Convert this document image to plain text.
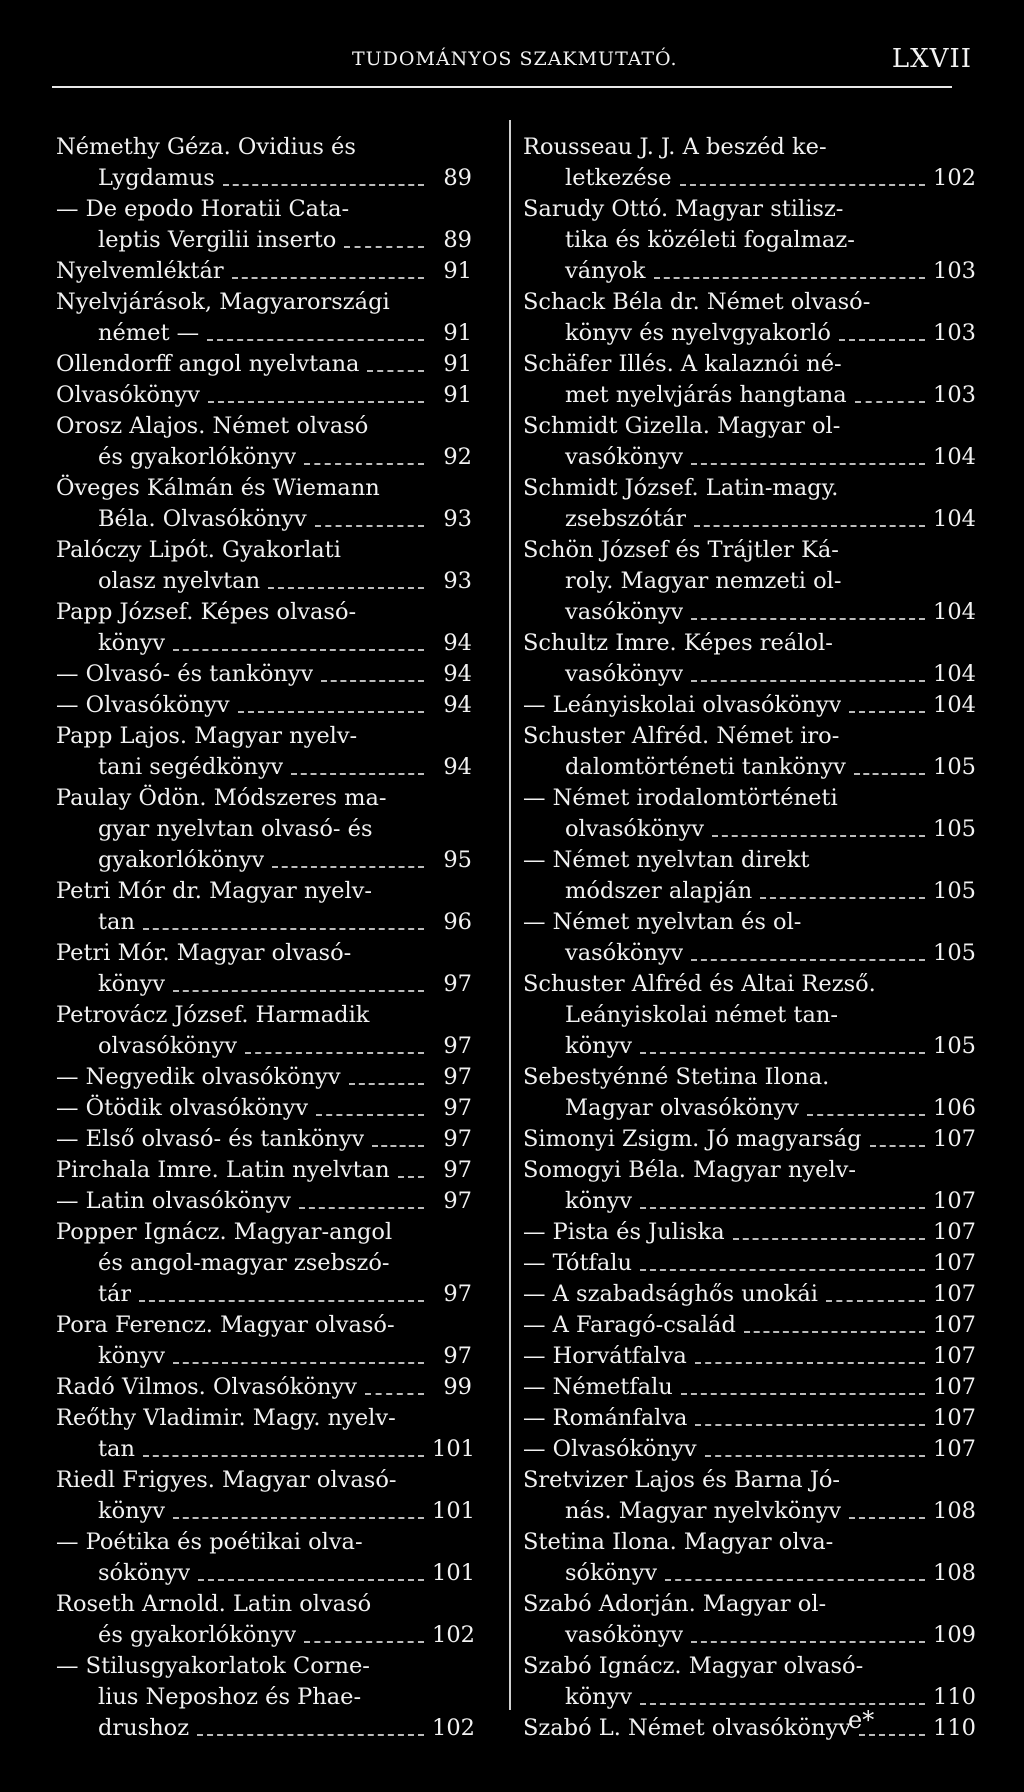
TUDOMÁNYOS SZAKMUTATÓ.	LXVII
Némethy Géza. Ovidius és
Lygdamus	89
— De epodo Horatii Cata-
leptis Vergilii inserto	89
Nyelvemléktár	91
Nyelvjárások, Magyarországi
német —	91
Ollendorff angol nyelvtana	91
Olvasókönyv	91
Orosz Alajos. Német olvasó
és gyakorlókönyv	92
Öveges Kálmán és Wiemann
Béla. Olvasókönyv	93
Palóczy Lipót. Gyakorlati
olasz nyelvtan	93
Papp József. Képes olvasó-
könyv	94
— Olvasó- és tankönyv	94
— Olvasókönyv	94
Papp Lajos. Magyar nyelv-
tani segédkönyv	94
Paulay Ödön. Módszeres ma-
gyar nyelvtan olvasó- és
gyakorlókönyv	95
Petri Mór dr. Magyar nyelv-
tan	96
Petri Mór. Magyar olvasó-
könyv	97
Petrovácz József. Harmadik
olvasókönyv	97
— Negyedik olvasókönyv	97
— Ötödik olvasókönyv	97
— Első olvasó- és tankönyv	97
Pirchala Imre. Latin nyelvtan	97
— Latin olvasókönyv	97
Popper Ignácz. Magyar-angol
és angol-magyar zsebszó-
tár	97
Pora Ferencz. Magyar olvasó-
könyv	97
Radó Vilmos. Olvasókönyv	99
Reőthy Vladimir. Magy. nyelv-
tan	101
Riedl Frigyes. Magyar olvasó-
könyv	101
— Poétika és poétikai olva-
sókönyv	101
Roseth Arnold. Latin olvasó
és gyakorlókönyv	102
— Stilusgyakorlatok Corne-
lius Neposhoz és Phae-
drushoz	102
Rousseau J. J. A beszéd ke-
letkezése	102
Sarudy Ottó. Magyar stilisz-
tika és közéleti fogalmaz-
ványok	103
Schack Béla dr. Német olvasó-
könyv és nyelvgyakorló	103
Schäfer Illés. A kalaznói né-
met nyelvjárás hangtana	103
Schmidt Gizella. Magyar ol-
vasókönyv	104
Schmidt József. Latin-magy.
zsebszótár	104
Schön József és Trájtler Ká-
roly. Magyar nemzeti ol-
vasókönyv	104
Schultz Imre. Képes reálol-
vasókönyv	104
— Leányiskolai olvasókönyv	104
Schuster Alfréd. Német iro-
dalomtörténeti tankönyv	105
— Német irodalomtörténeti
olvasókönyv	105
— Német nyelvtan direkt
módszer alapján	105
— Német nyelvtan és ol-
vasókönyv	105
Schuster Alfréd és Altai Rezső.
Leányiskolai német tan-
könyv	105
Sebestyénné Stetina Ilona.
Magyar olvasókönyv	106
Simonyi Zsigm. Jó magyarság	107
Somogyi Béla. Magyar nyelv-
könyv	107
— Pista és Juliska	107
— Tótfalu	107
— A szabadsághős unokái	107
— A Faragó-család	107
— Horvátfalva	107
— Németfalu	107
— Románfalva	107
— Olvasókönyv	107
Sretvizer Lajos és Barna Jó-
nás. Magyar nyelvkönyv	108
Stetina Ilona. Magyar olva-
sókönyv	108
Szabó Adorján. Magyar ol-
vasókönyv	109
Szabó Ignácz. Magyar olvasó-
könyv	110
Szabó L. Német olvasókönyv	110
e*
